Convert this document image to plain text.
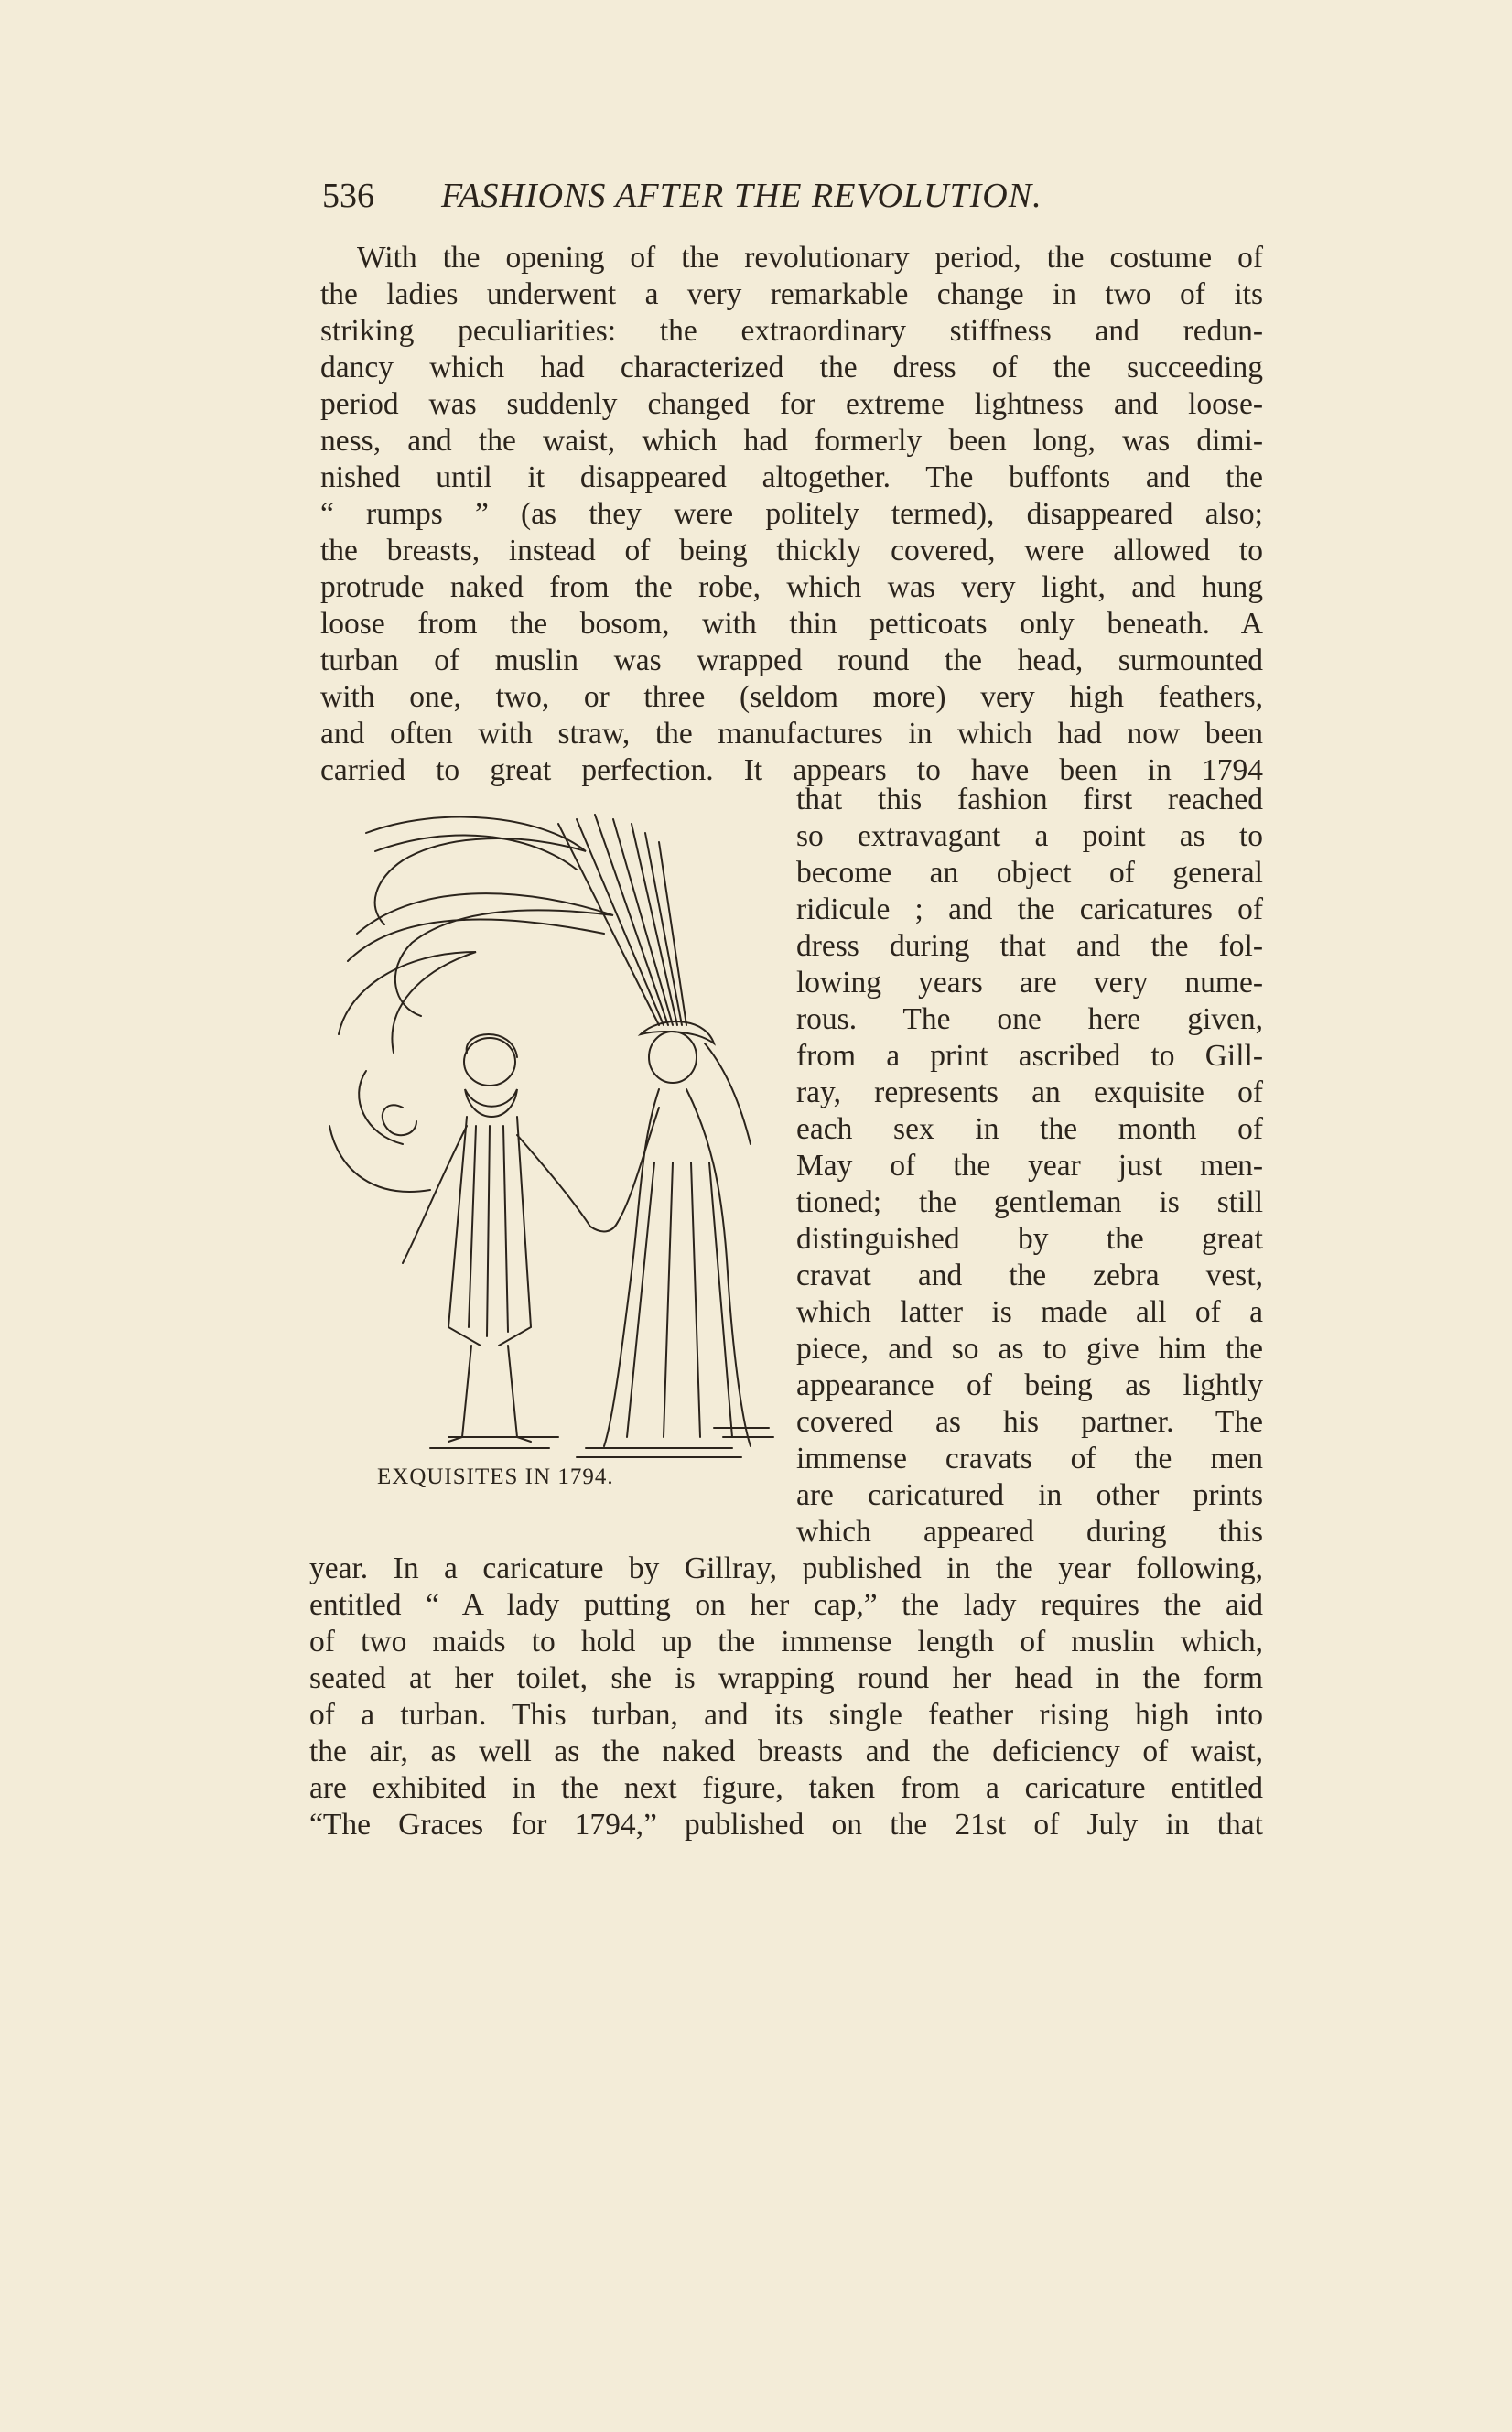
536 FASHIONS AFTER THE REVOLUTION.
With the opening of the revolutionary period, the costume of
the ladies underwent a very remarkable change in two of its
striking peculiarities: the extraordinary stiffness and redun-
dancy which had characterized the dress of the succeeding
period was suddenly changed for extreme lightness and loose-
ness, and the waist, which had formerly been long, was dimi-
nished until it disappeared altogether. The buffonts and the
“ rumps ” (as they were politely termed), disappeared also;
the breasts, instead of being thickly covered, were allowed to
protrude naked from the robe, which was very light, and hung
loose from the bosom, with thin petticoats only beneath. A
turban of muslin was wrapped round the head, surmounted
with one, two, or three (seldom more) very high feathers,
and often with straw, the manufactures in which had now been
carried to great perfection. It appears to have been in 1794
that this fashion first reached
so extravagant a point as to
become an object of general
ridicule ; and the caricatures of
dress during that and the fol-
lowing years are very nume-
rous. The one here given,
from a print ascribed to Gill-
ray, represents an exquisite of
each sex in the month of
May of the year just men-
tioned; the gentleman is still
distinguished by the great
cravat and the zebra vest,
which latter is made all of a
piece, and so as to give him the
appearance of being as lightly
covered as his partner. The
immense cravats of the men
are caricatured in other prints
which appeared during this
year. In a caricature by Gillray, published in the year following,
entitled “ A lady putting on her cap,” the lady requires the aid
of two maids to hold up the immense length of muslin which,
seated at her toilet, she is wrapping round her head in the form
of a turban. This turban, and its single feather rising high into
the air, as well as the naked breasts and the deficiency of waist,
are exhibited in the next figure, taken from a caricature entitled
“The Graces for 1794,” published on the 21st of July in that
EXQUISITES IN 1794.
